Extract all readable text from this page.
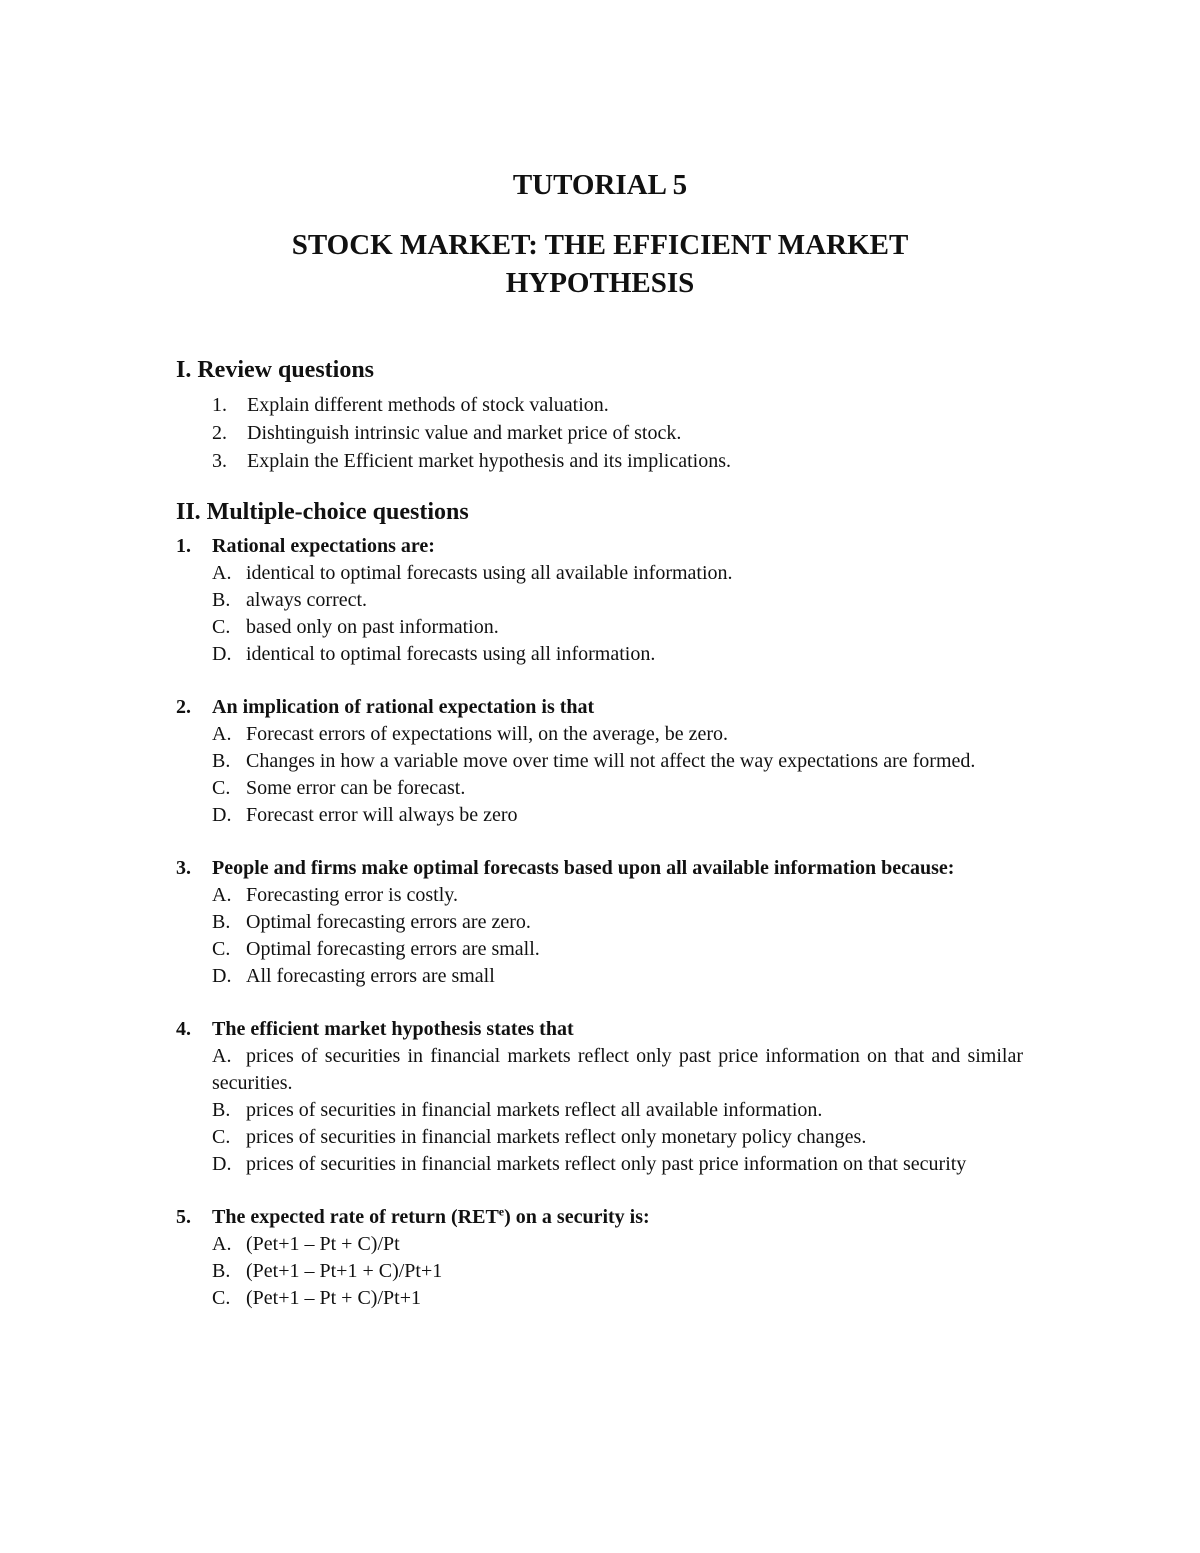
TUTORIAL 5
STOCK MARKET: THE EFFICIENT MARKET
HYPOTHESIS
I. Review questions
1.	Explain different methods of stock valuation.
2.	Dishtinguish intrinsic value and market price of stock.
3.	Explain the Efficient market hypothesis and its implications.
II. Multiple-choice questions
1. Rational expectations are:
A. identical to optimal forecasts using all available information.
B. always correct.
C. based only on past information.
D. identical to optimal forecasts using all information.
2. An implication of rational expectation is that
A. Forecast errors of expectations will, on the average, be zero.
B. Changes in how a variable move over time will not affect the way expectations are formed.
C. Some error can be forecast.
D. Forecast error will always be zero
3. People and firms make optimal forecasts based upon all available information because:
A. Forecasting error is costly.
B. Optimal forecasting errors are zero.
C. Optimal forecasting errors are small.
D. All forecasting errors are small
4. The efficient market hypothesis states that
A. prices of securities in financial markets reflect only past price information on that and similar securities.
B. prices of securities in financial markets reflect all available information.
C. prices of securities in financial markets reflect only monetary policy changes.
D. prices of securities in financial markets reflect only past price information on that security
5. The expected rate of return (RET$^e$) on a security is:
A. (Pet+1 – Pt + C)/Pt
B. (Pet+1 – Pt+1 + C)/Pt+1
C. (Pet+1 – Pt + C)/Pt+1
